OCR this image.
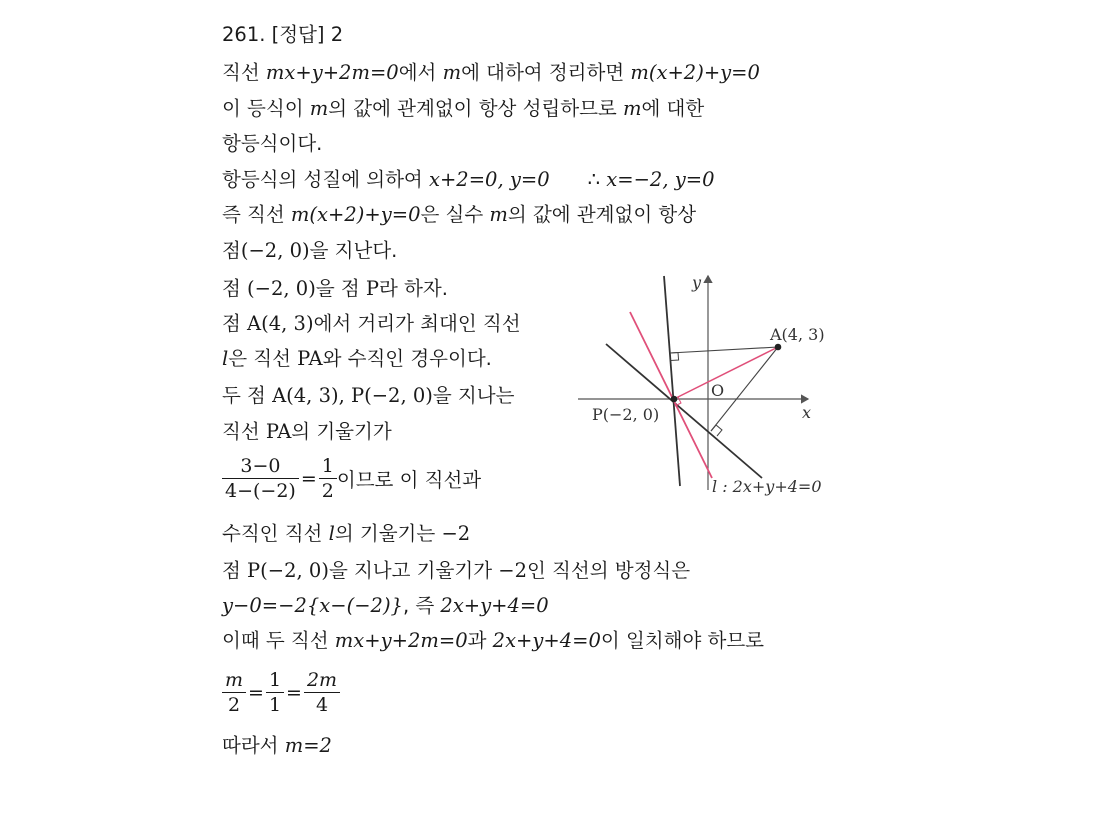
261. [정답] 2
직선 mx+y+2m=0에서 m에 대하여 정리하면 m(x+2)+y=0
이 등식이 m의 값에 관계없이 항상 성립하므로 m에 대한
항등식이다.
항등식의 성질에 의하여 x+2=0, y=0 ∴ x=−2, y=0
즉 직선 m(x+2)+y=0은 실수 m의 값에 관계없이 항상
점(−2, 0)을 지난다.
점 (−2, 0)을 점 P라 하자.
점 A(4, 3)에서 거리가 최대인 직선
l은 직선 PA와 수직인 경우이다.
두 점 A(4, 3), P(−2, 0)을 지나는
직선 PA의 기울기가
$\frac{3-0}{4-(-2)} = \frac{1}{2}$ 이므로 이 직선과
수직인 직선 l의 기울기는 −2
점 P(−2, 0)을 지나고 기울기가 −2인 직선의 방정식은
y−0=−2{x−(−2)}, 즉 2x+y+4=0
이때 두 직선 mx+y+2m=0과 2x+y+4=0이 일치해야 하므로
$\frac{m}{2} = \frac{1}{1} = \frac{2m}{4}$
따라서 m=2
y
x
O
A(4, 3)
P(−2, 0)
l : 2x+y+4=0
